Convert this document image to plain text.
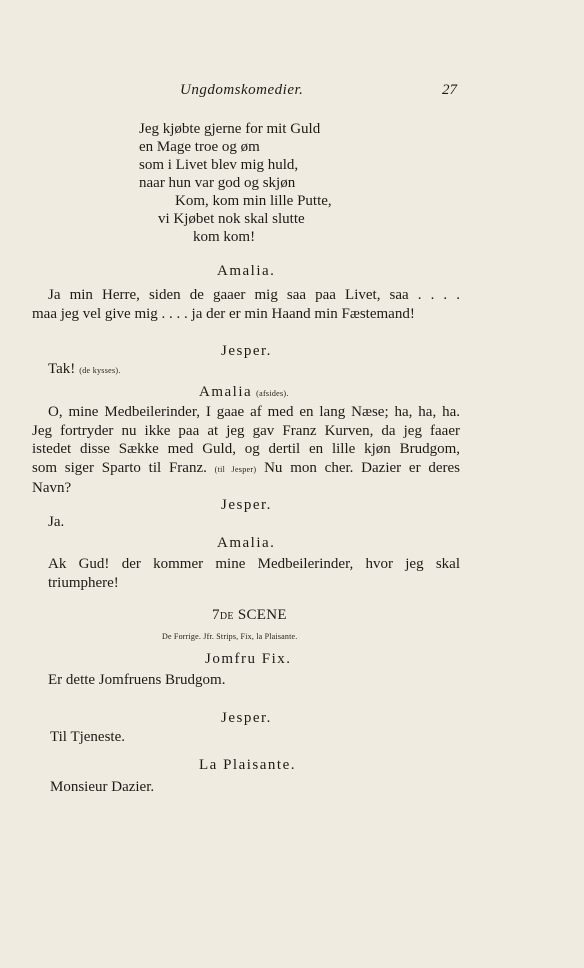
Ungdomskomedier.	27
Jeg kjøbte gjerne for mit Guld
en Mage troe og øm
som i Livet blev mig huld,
naar hun var god og skjøn
Kom, kom min lille Putte,
vi Kjøbet nok skal slutte
kom kom!
Amalia.
Ja min Herre, siden de gaaer mig saa paa Livet, saa . . . .
maa jeg vel give mig . . . . ja der er min Haand min Fæstemand!
Jesper.
Tak! (de kysses).
Amalia (afsides).
O, mine Medbeilerinder, I gaae af med en lang Næse; ha, ha, ha.
Jeg fortryder nu ikke paa at jeg gav Franz Kurven, da jeg faaer
istedet disse Sække med Guld, og dertil en lille kjøn Brudgom,
som siger Sparto til Franz. (til Jesper) Nu mon cher. Dazier er deres
Navn?
Jesper.
Ja.
Amalia.
Ak Gud! der kommer mine Medbeilerinder, hvor jeg skal
triumphere!
7DE SCENE
De Forrige. Jfr. Strips, Fix, la Plaisante.
Jomfru Fix.
Er dette Jomfruens Brudgom.
Jesper.
Til Tjeneste.
La Plaisante.
Monsieur Dazier.
